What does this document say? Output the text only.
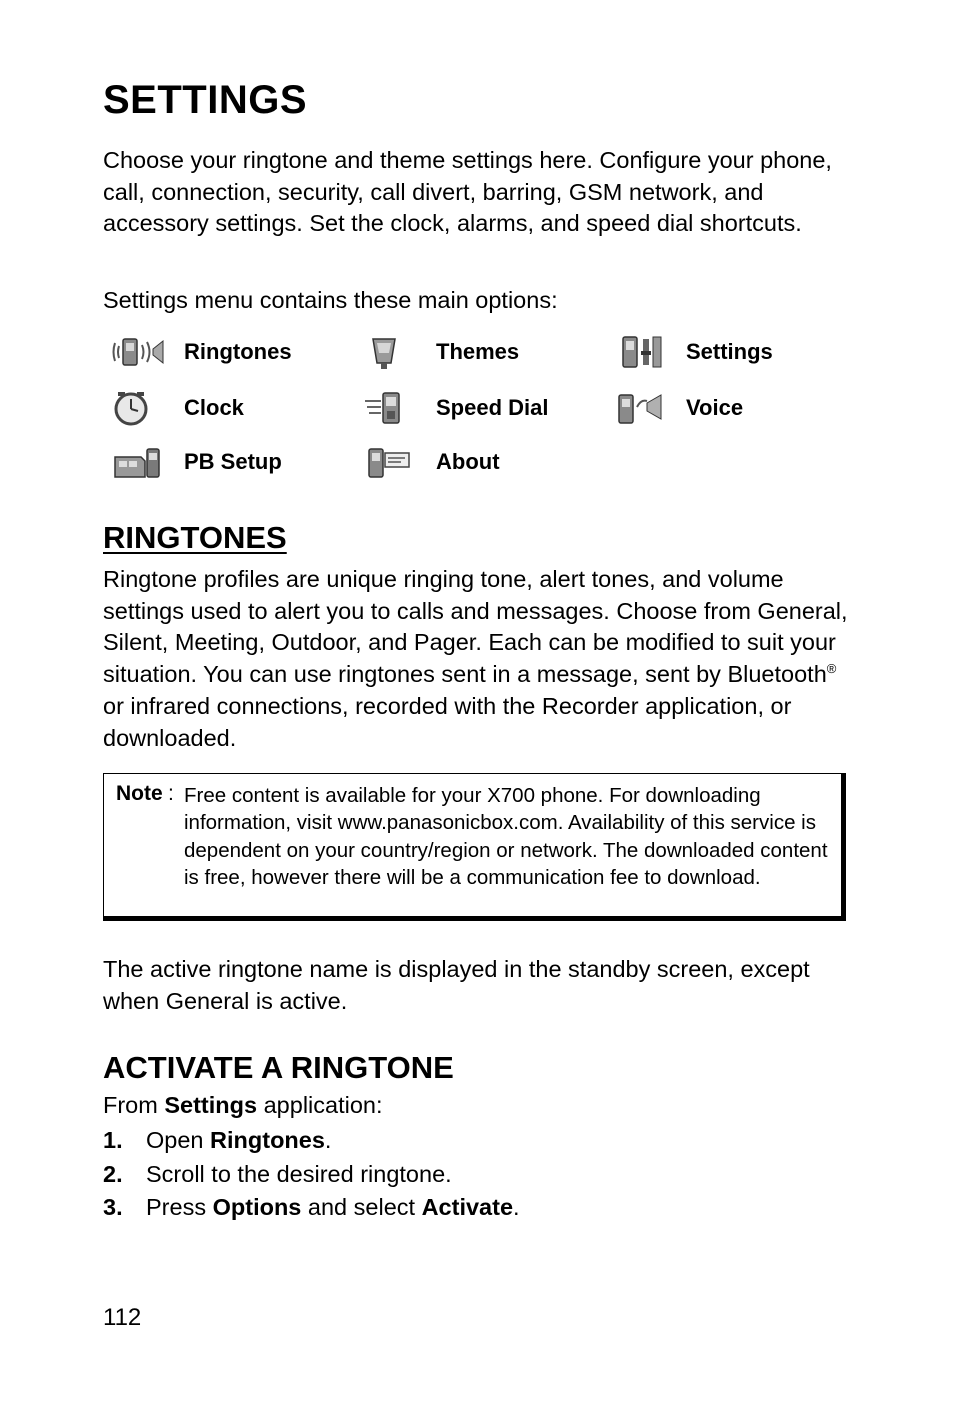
SETTINGS

Choose your ringtone and theme settings here. Configure your phone, call, connection, security, call divert, barring, GSM network, and accessory settings. Set the clock, alarms, and speed dial shortcuts.

Settings menu contains these main options:

Ringtones	Themes	Settings
Clock	Speed Dial	Voice
PB Setup	About
RINGTONES

Ringtone profiles are unique ringing tone, alert tones, and volume settings used to alert you to calls and messages. Choose from General, Silent, Meeting, Outdoor, and Pager. Each can be modified to suit your situation. You can use ringtones sent in a message, sent by Bluetooth® or infrared connections, recorded with the Recorder application, or downloaded.

Note : Free content is available for your X700 phone. For downloading information, visit www.panasonicbox.com. Availability of this service is dependent on your country/region or network. The downloaded content is free, however there will be a communication fee to download.

The active ringtone name is displayed in the standby screen, except when General is active.

ACTIVATE A RINGTONE
From Settings application:
1. Open Ringtones.
2. Scroll to the desired ringtone.
3. Press Options and select Activate.
112
